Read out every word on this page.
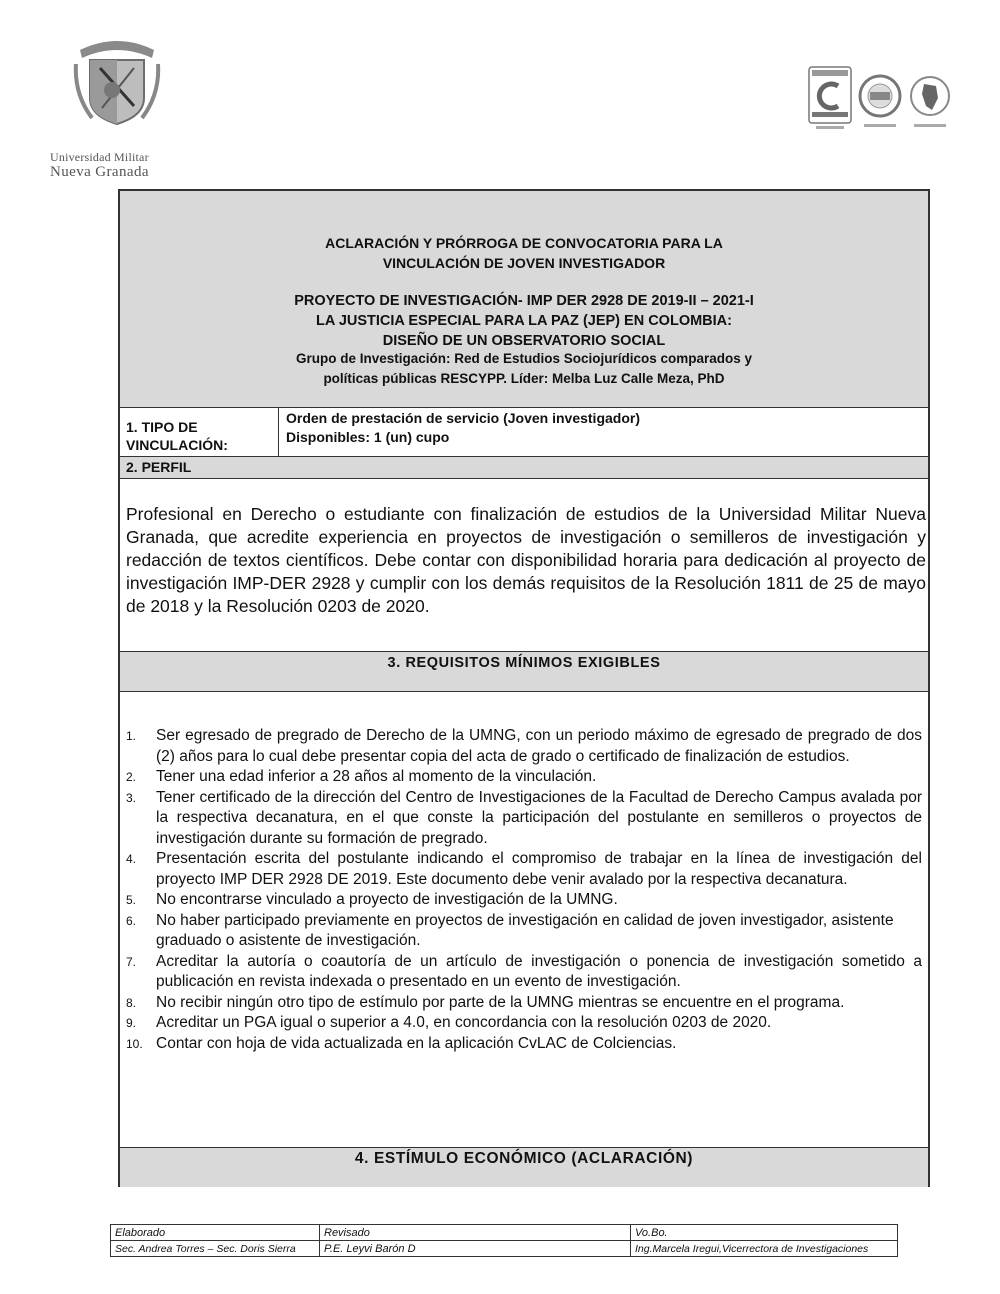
Universidad Militar
Nueva Granada
ACLARACIÓN Y PRÓRROGA DE CONVOCATORIA PARA LA
VINCULACIÓN DE JOVEN INVESTIGADOR
PROYECTO DE INVESTIGACIÓN- IMP DER 2928 DE 2019-II – 2021-I
LA JUSTICIA ESPECIAL PARA LA PAZ (JEP) EN COLOMBIA:
DISEÑO DE UN OBSERVATORIO SOCIAL
Grupo de Investigación: Red de Estudios Sociojurídicos comparados y
políticas públicas RESCYPP. Líder: Melba Luz Calle Meza, PhD
1. TIPO DE
VINCULACIÓN:
Orden de prestación de servicio (Joven investigador)
Disponibles: 1 (un) cupo
2. PERFIL
Profesional en Derecho o estudiante con finalización de estudios de la Universidad Militar Nueva Granada, que acredite experiencia en proyectos de investigación o semilleros de investigación y redacción de textos científicos. Debe contar con disponibilidad horaria para dedicación al proyecto de investigación IMP-DER 2928 y cumplir con los demás requisitos de la Resolución 1811 de 25 de mayo de 2018 y la Resolución 0203 de 2020.
3. REQUISITOS MÍNIMOS EXIGIBLES
1. Ser egresado de pregrado de Derecho de la UMNG, con un periodo máximo de egresado de pregrado de dos (2) años para lo cual debe presentar copia del acta de grado o certificado de finalización de estudios.
2. Tener una edad inferior a 28 años al momento de la vinculación.
3. Tener certificado de la dirección del Centro de Investigaciones de la Facultad de Derecho Campus avalada por la respectiva decanatura, en el que conste la participación del postulante en semilleros o proyectos de investigación durante su formación de pregrado.
4. Presentación escrita del postulante indicando el compromiso de trabajar en la línea de investigación del proyecto IMP DER 2928 DE 2019. Este documento debe venir avalado por la respectiva decanatura.
5. No encontrarse vinculado a proyecto de investigación de la UMNG.
6. No haber participado previamente en proyectos de investigación en calidad de joven investigador, asistente graduado o asistente de investigación.
7. Acreditar la autoría o coautoría de un artículo de investigación o ponencia de investigación sometido a publicación en revista indexada o presentado en un evento de investigación.
8. No recibir ningún otro tipo de estímulo por parte de la UMNG mientras se encuentre en el programa.
9. Acreditar un PGA igual o superior a 4.0, en concordancia con la resolución 0203 de 2020.
10. Contar con hoja de vida actualizada en la aplicación CvLAC de Colciencias.
4. ESTÍMULO ECONÓMICO (ACLARACIÓN)
Elaborado	Revisado	Vo.Bo.
Sec. Andrea Torres – Sec. Doris Sierra	P.E. Leyvi Barón D	Ing.Marcela Iregui,Vicerrectora de Investigaciones
